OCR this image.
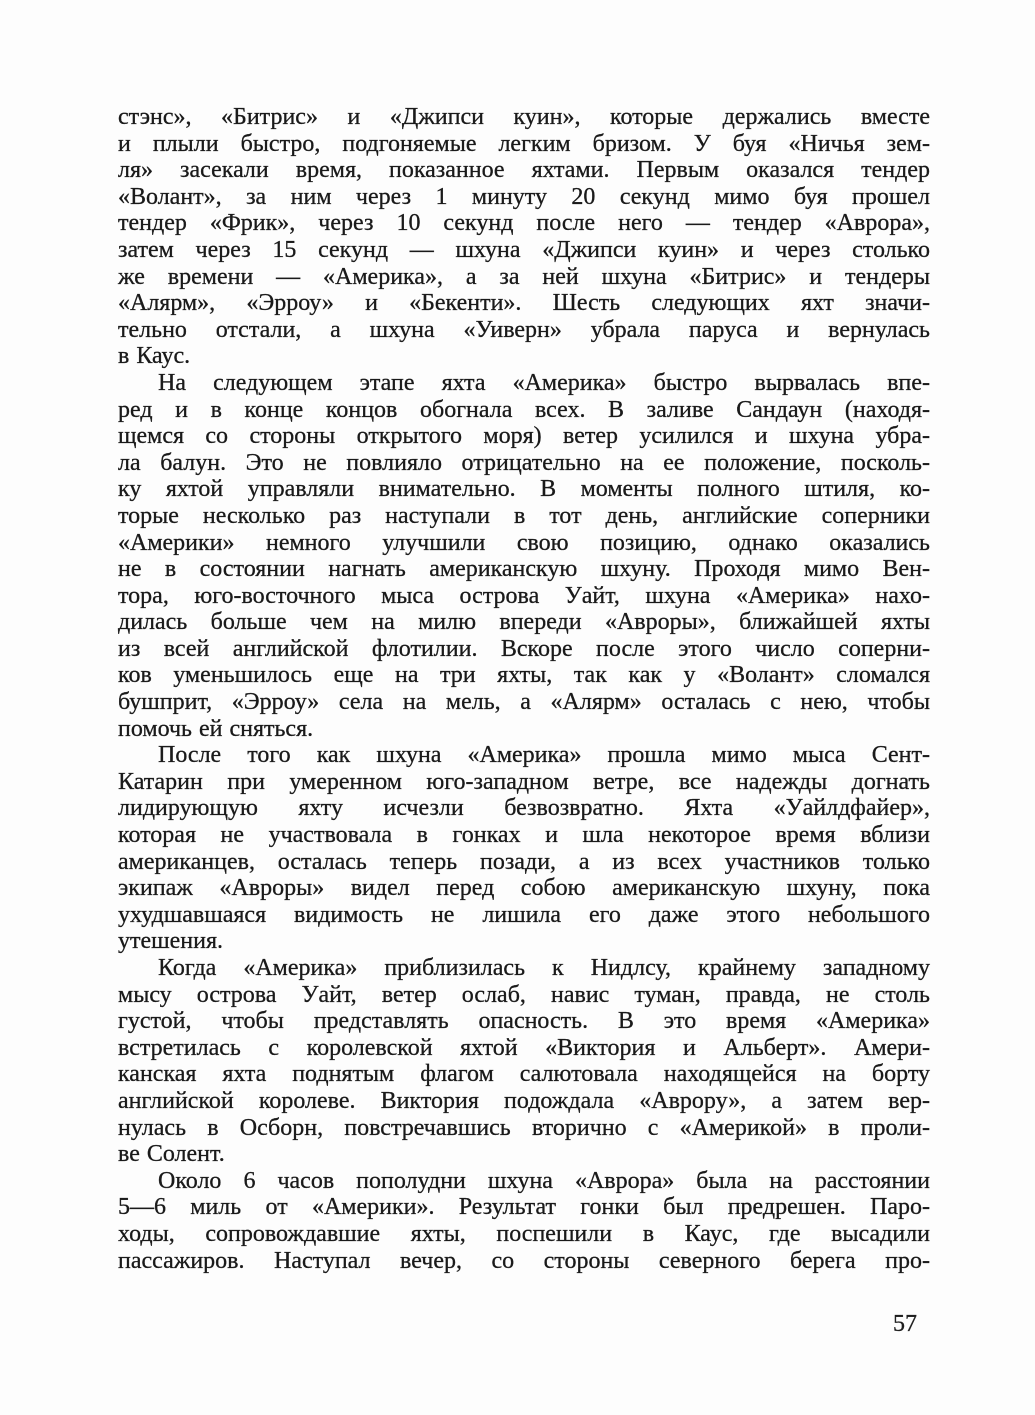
стэнс», «Битрис» и «Джипси куин», которые держались вместе
и плыли быстро, подгоняемые легким бризом. У буя «Ничья зем-
ля» засекали время, показанное яхтами. Первым оказался тендер
«Волант», за ним через 1 минуту 20 секунд мимо буя прошел
тендер «Фрик», через 10 секунд после него — тендер «Аврора»,
затем через 15 секунд — шхуна «Джипси куин» и через столько
же времени — «Америка», а за ней шхуна «Битрис» и тендеры
«Алярм», «Эрроу» и «Бекенти». Шесть следующих яхт значи-
тельно отстали, а шхуна «Уиверн» убрала паруса и вернулась
в Каус.
На следующем этапе яхта «Америка» быстро вырвалась впе-
ред и в конце концов обогнала всех. В заливе Сандаун (находя-
щемся со стороны открытого моря) ветер усилился и шхуна убра-
ла балун. Это не повлияло отрицательно на ее положение, посколь-
ку яхтой управляли внимательно. В моменты полного штиля, ко-
торые несколько раз наступали в тот день, английские соперники
«Америки» немного улучшили свою позицию, однако оказались
не в состоянии нагнать американскую шхуну. Проходя мимо Вен-
тора, юго-восточного мыса острова Уайт, шхуна «Америка» нахо-
дилась больше чем на милю впереди «Авроры», ближайшей яхты
из всей английской флотилии. Вскоре после этого число соперни-
ков уменьшилось еще на три яхты, так как у «Волант» сломался
бушприт, «Эрроу» села на мель, а «Алярм» осталась с нею, чтобы
помочь ей сняться.
После того как шхуна «Америка» прошла мимо мыса Сент-
Катарин при умеренном юго-западном ветре, все надежды догнать
лидирующую яхту исчезли безвозвратно. Яхта «Уайлдфайер»,
которая не участвовала в гонках и шла некоторое время вблизи
американцев, осталась теперь позади, а из всех участников только
экипаж «Авроры» видел перед собою американскую шхуну, пока
ухудшавшаяся видимость не лишила его даже этого небольшого
утешения.
Когда «Америка» приблизилась к Нидлсу, крайнему западному
мысу острова Уайт, ветер ослаб, навис туман, правда, не столь
густой, чтобы представлять опасность. В это время «Америка»
встретилась с королевской яхтой «Виктория и Альберт». Амери-
канская яхта поднятым флагом салютовала находящейся на борту
английской королеве. Виктория подождала «Аврору», а затем вер-
нулась в Осборн, повстречавшись вторично с «Америкой» в проли-
ве Солент.
Около 6 часов пополудни шхуна «Аврора» была на расстоянии
5—6 миль от «Америки». Результат гонки был предрешен. Паро-
ходы, сопровождавшие яхты, поспешили в Каус, где высадили
пассажиров. Наступал вечер, со стороны северного берега про-
57
